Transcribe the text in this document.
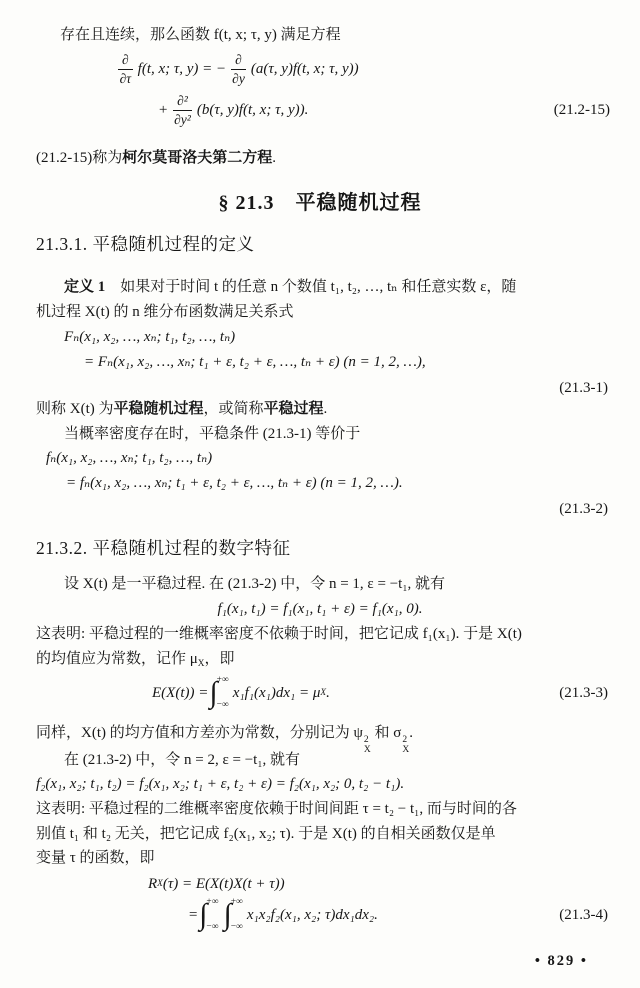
存在且连续，那么函数 f(t, x; τ, y) 满足方程
$\frac{\partial}{\partial\tau} f(t$, x; τ, y) = − $\frac{\partial}{\partial y} (a(\tau$, y)f(t, x; τ, y))
+ $\frac{\text{∂²}}{\text{∂y²}} (b(\tau$, y)f(t, x; τ, y)).	(21.2-15)
(21.2-15)称为柯尔莫哥洛夫第二方程.
§ 21.3　平稳随机过程
21.3.1. 平稳随机过程的定义
定义 1　如果对于时间 t 的任意 n 个数值 t₁, t₂, …, tₙ 和任意实数 ε，随
机过程 X(t) 的 n 维分布函数满足关系式
Fₙ(x₁, x₂, …, xₙ; t₁, t₂, …, tₙ)
= Fₙ(x₁, x₂, …, xₙ; t₁ + ε, t₂ + ε, …, tₙ + ε) (n = 1, 2, …),
(21.3-1)
则称 X(t) 为平稳随机过程，或简称平稳过程.
当概率密度存在时，平稳条件 (21.3-1) 等价于
fₙ(x₁, x₂, …, xₙ; t₁, t₂, …, tₙ)
= fₙ(x₁, x₂, …, xₙ; t₁ + ε, t₂ + ε, …, tₙ + ε) (n = 1, 2, …).
(21.3-2)
21.3.2. 平稳随机过程的数字特征
设 X(t) 是一平稳过程. 在 (21.3-2) 中，令 n = 1, ε = −t₁, 就有
f₁(x₁, t₁) = f₁(x₁, t₁ + ε) = f₁(x₁, 0).
这表明: 平稳过程的一维概率密度不依赖于时间，把它记成 f₁(x₁). 于是 X(t)
的均值应为常数，记作 μX，即
E(X(t)) = ∫ +∞
−∞
x₁f₁(x₁)dx₁ = μ X .	(21.3-3)
同样，X(t) 的均方值和方差亦为常数，分别记为 ψ 2
X
和 σ 2
X
.
在 (21.3-2) 中，令 n = 2, ε = −t₁, 就有
f₂(x₁, x₂; t₁, t₂) = f₂(x₁, x₂; t₁ + ε, t₂ + ε) = f₂(x₁, x₂; 0, t₂ − t₁).
这表明: 平稳过程的二维概率密度依赖于时间间距 τ = t₂ − t₁, 而与时间的各
别值 t₁ 和 t₂ 无关，把它记成 f₂(x₁, x₂; τ). 于是 X(t) 的自相关函数仅是单
变量 τ 的函数，即
R X (τ) = E(X(t)X(t + τ))
= ∫ +∞
−∞ ∫ +∞
−∞
x₁x₂f₂(x₁, x₂; τ)dx₁dx₂.	(21.3-4)
• 829 •
